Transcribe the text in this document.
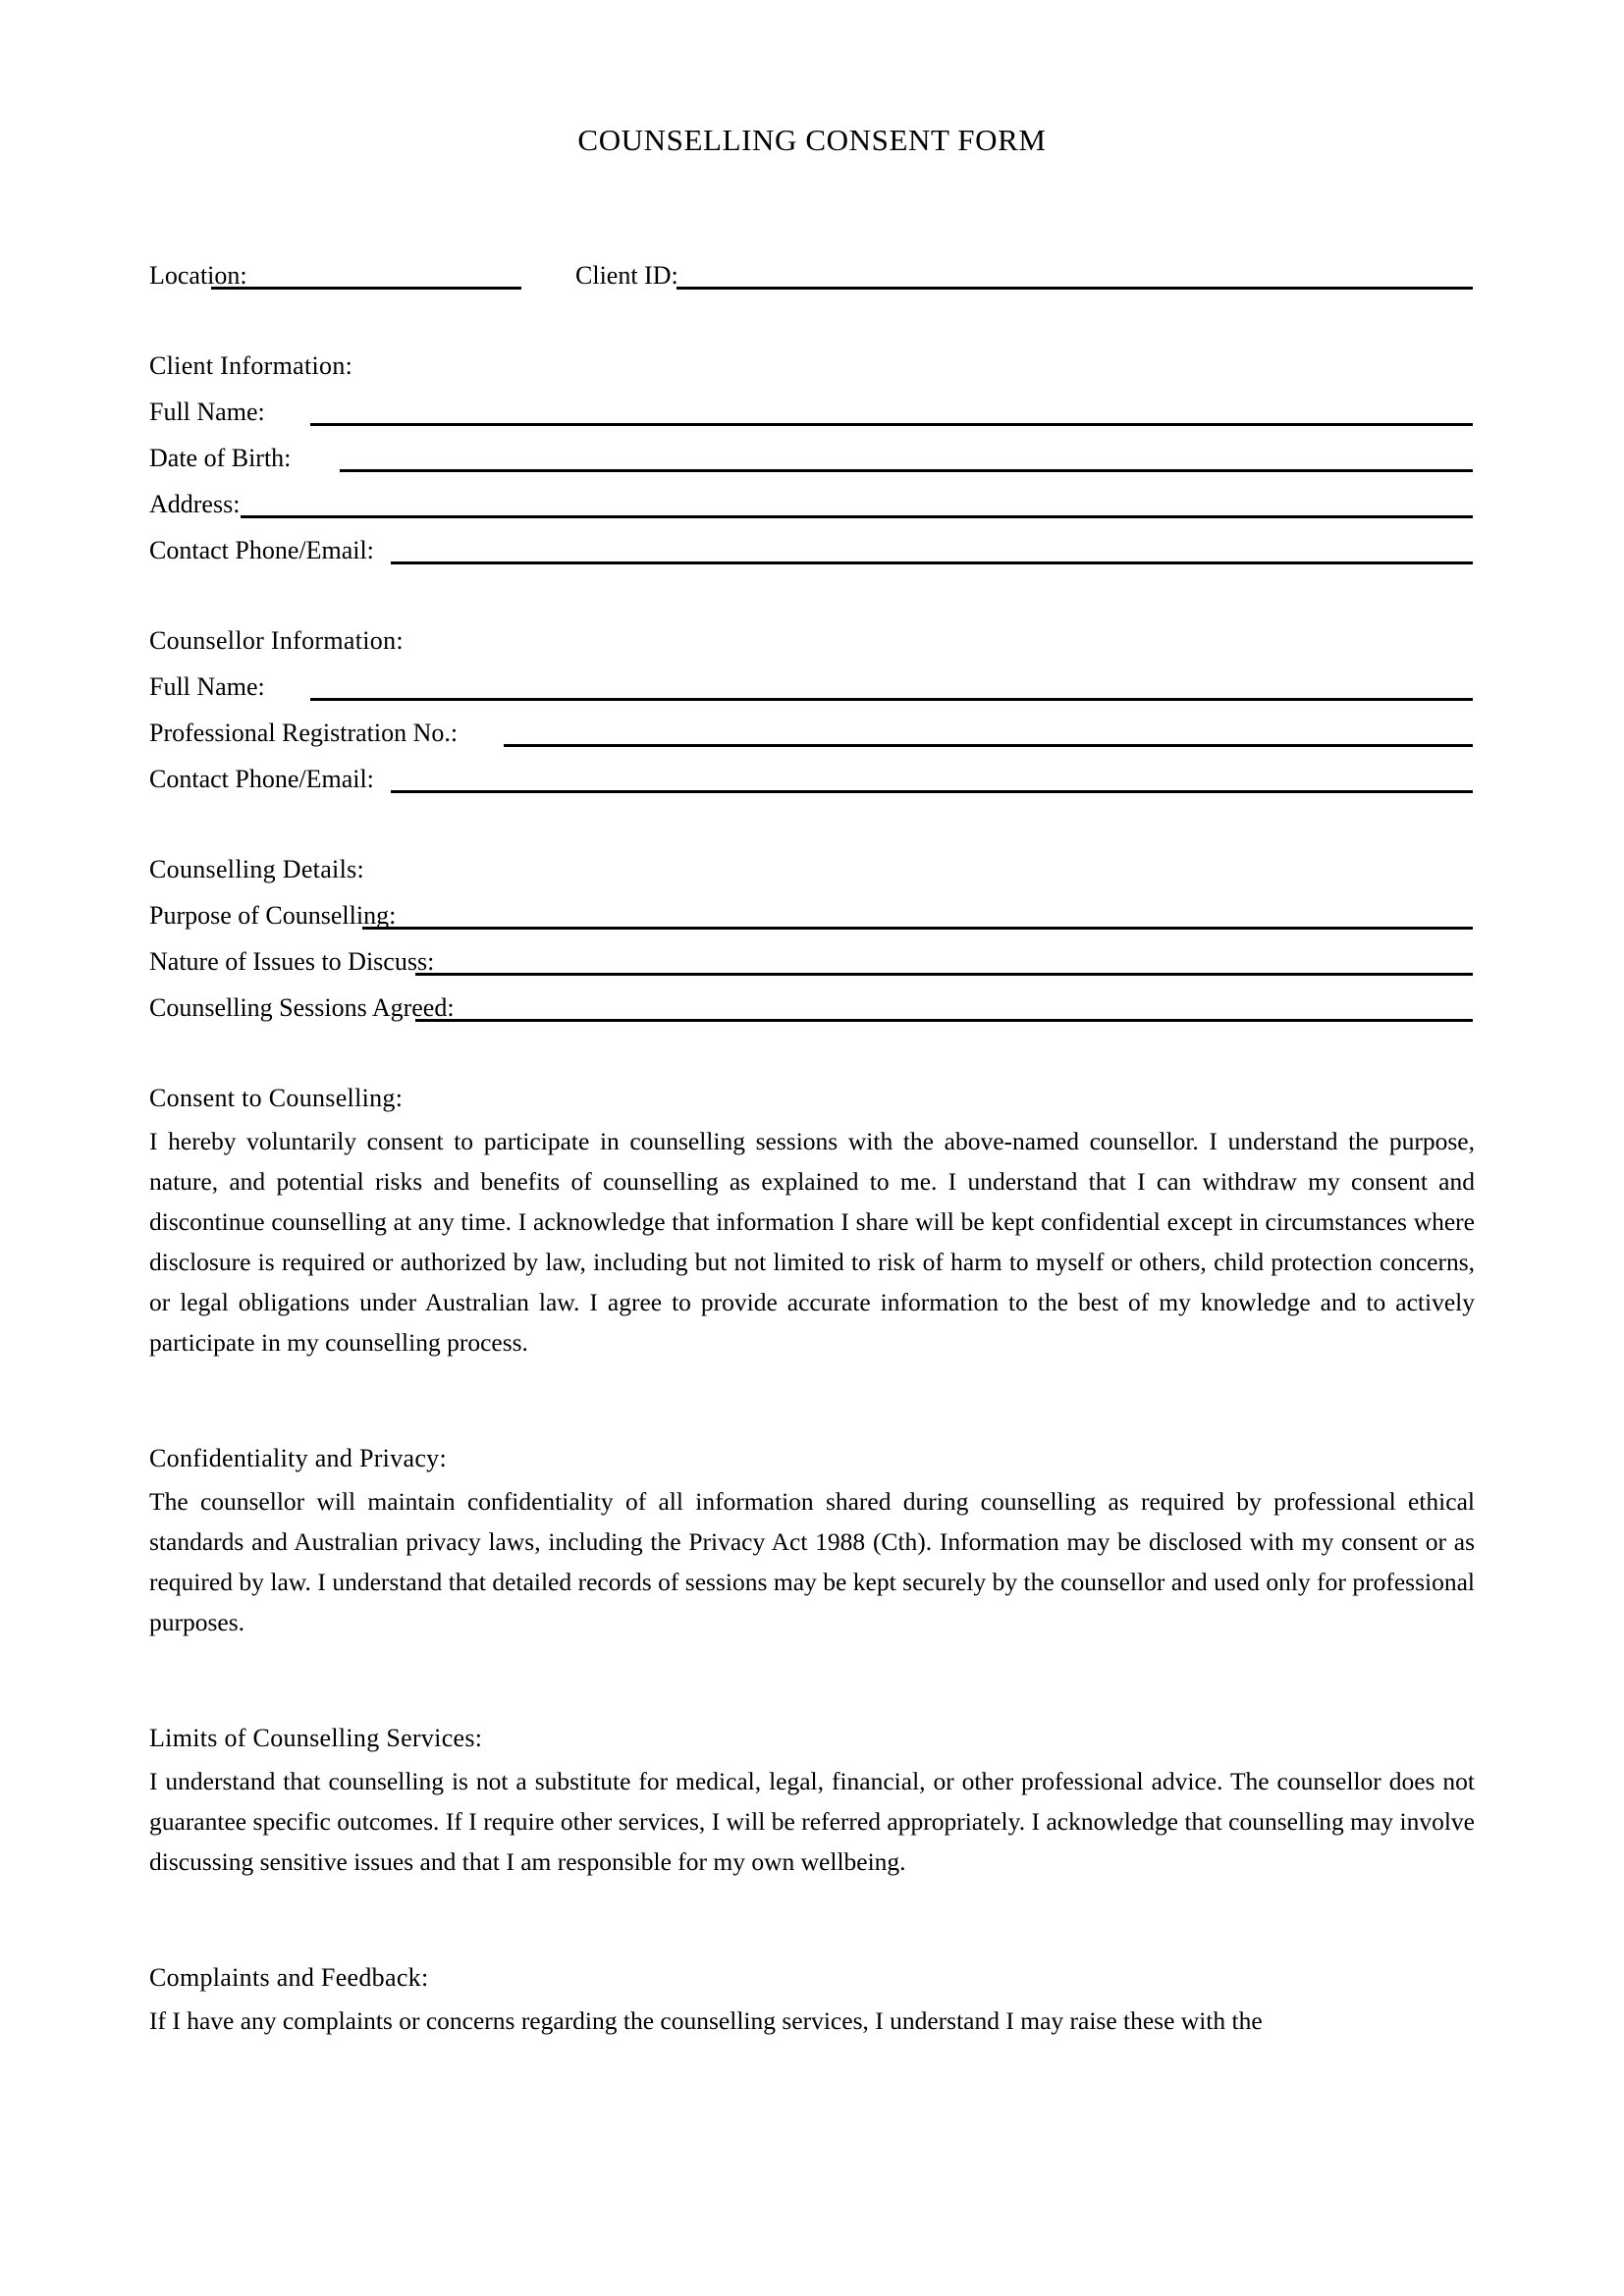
COUNSELLING CONSENT FORM
Location:	Client ID:
Client Information:
Full Name:
Date of Birth:
Address:
Contact Phone/Email:
Counsellor Information:
Full Name:
Professional Registration No.:
Contact Phone/Email:
Counselling Details:
Purpose of Counselling:
Nature of Issues to Discuss:
Counselling Sessions Agreed:
Consent to Counselling:

I hereby voluntarily consent to participate in counselling sessions with the above-named counsellor. I understand the purpose, nature, and potential risks and benefits of counselling as explained to me. I understand that I can withdraw my consent and discontinue counselling at any time. I acknowledge that information I share will be kept confidential except in circumstances where disclosure is required or authorized by law, including but not limited to risk of harm to myself or others, child protection concerns, or legal obligations under Australian law. I agree to provide accurate information to the best of my knowledge and to actively participate in my counselling process.

Confidentiality and Privacy:

The counsellor will maintain confidentiality of all information shared during counselling as required by professional ethical standards and Australian privacy laws, including the Privacy Act 1988 (Cth). Information may be disclosed with my consent or as required by law. I understand that detailed records of sessions may be kept securely by the counsellor and used only for professional purposes.

Limits of Counselling Services:

I understand that counselling is not a substitute for medical, legal, financial, or other professional advice. The counsellor does not guarantee specific outcomes. If I require other services, I will be referred appropriately. I acknowledge that counselling may involve discussing sensitive issues and that I am responsible for my own wellbeing.

Complaints and Feedback:

If I have any complaints or concerns regarding the counselling services, I understand I may raise these with the
